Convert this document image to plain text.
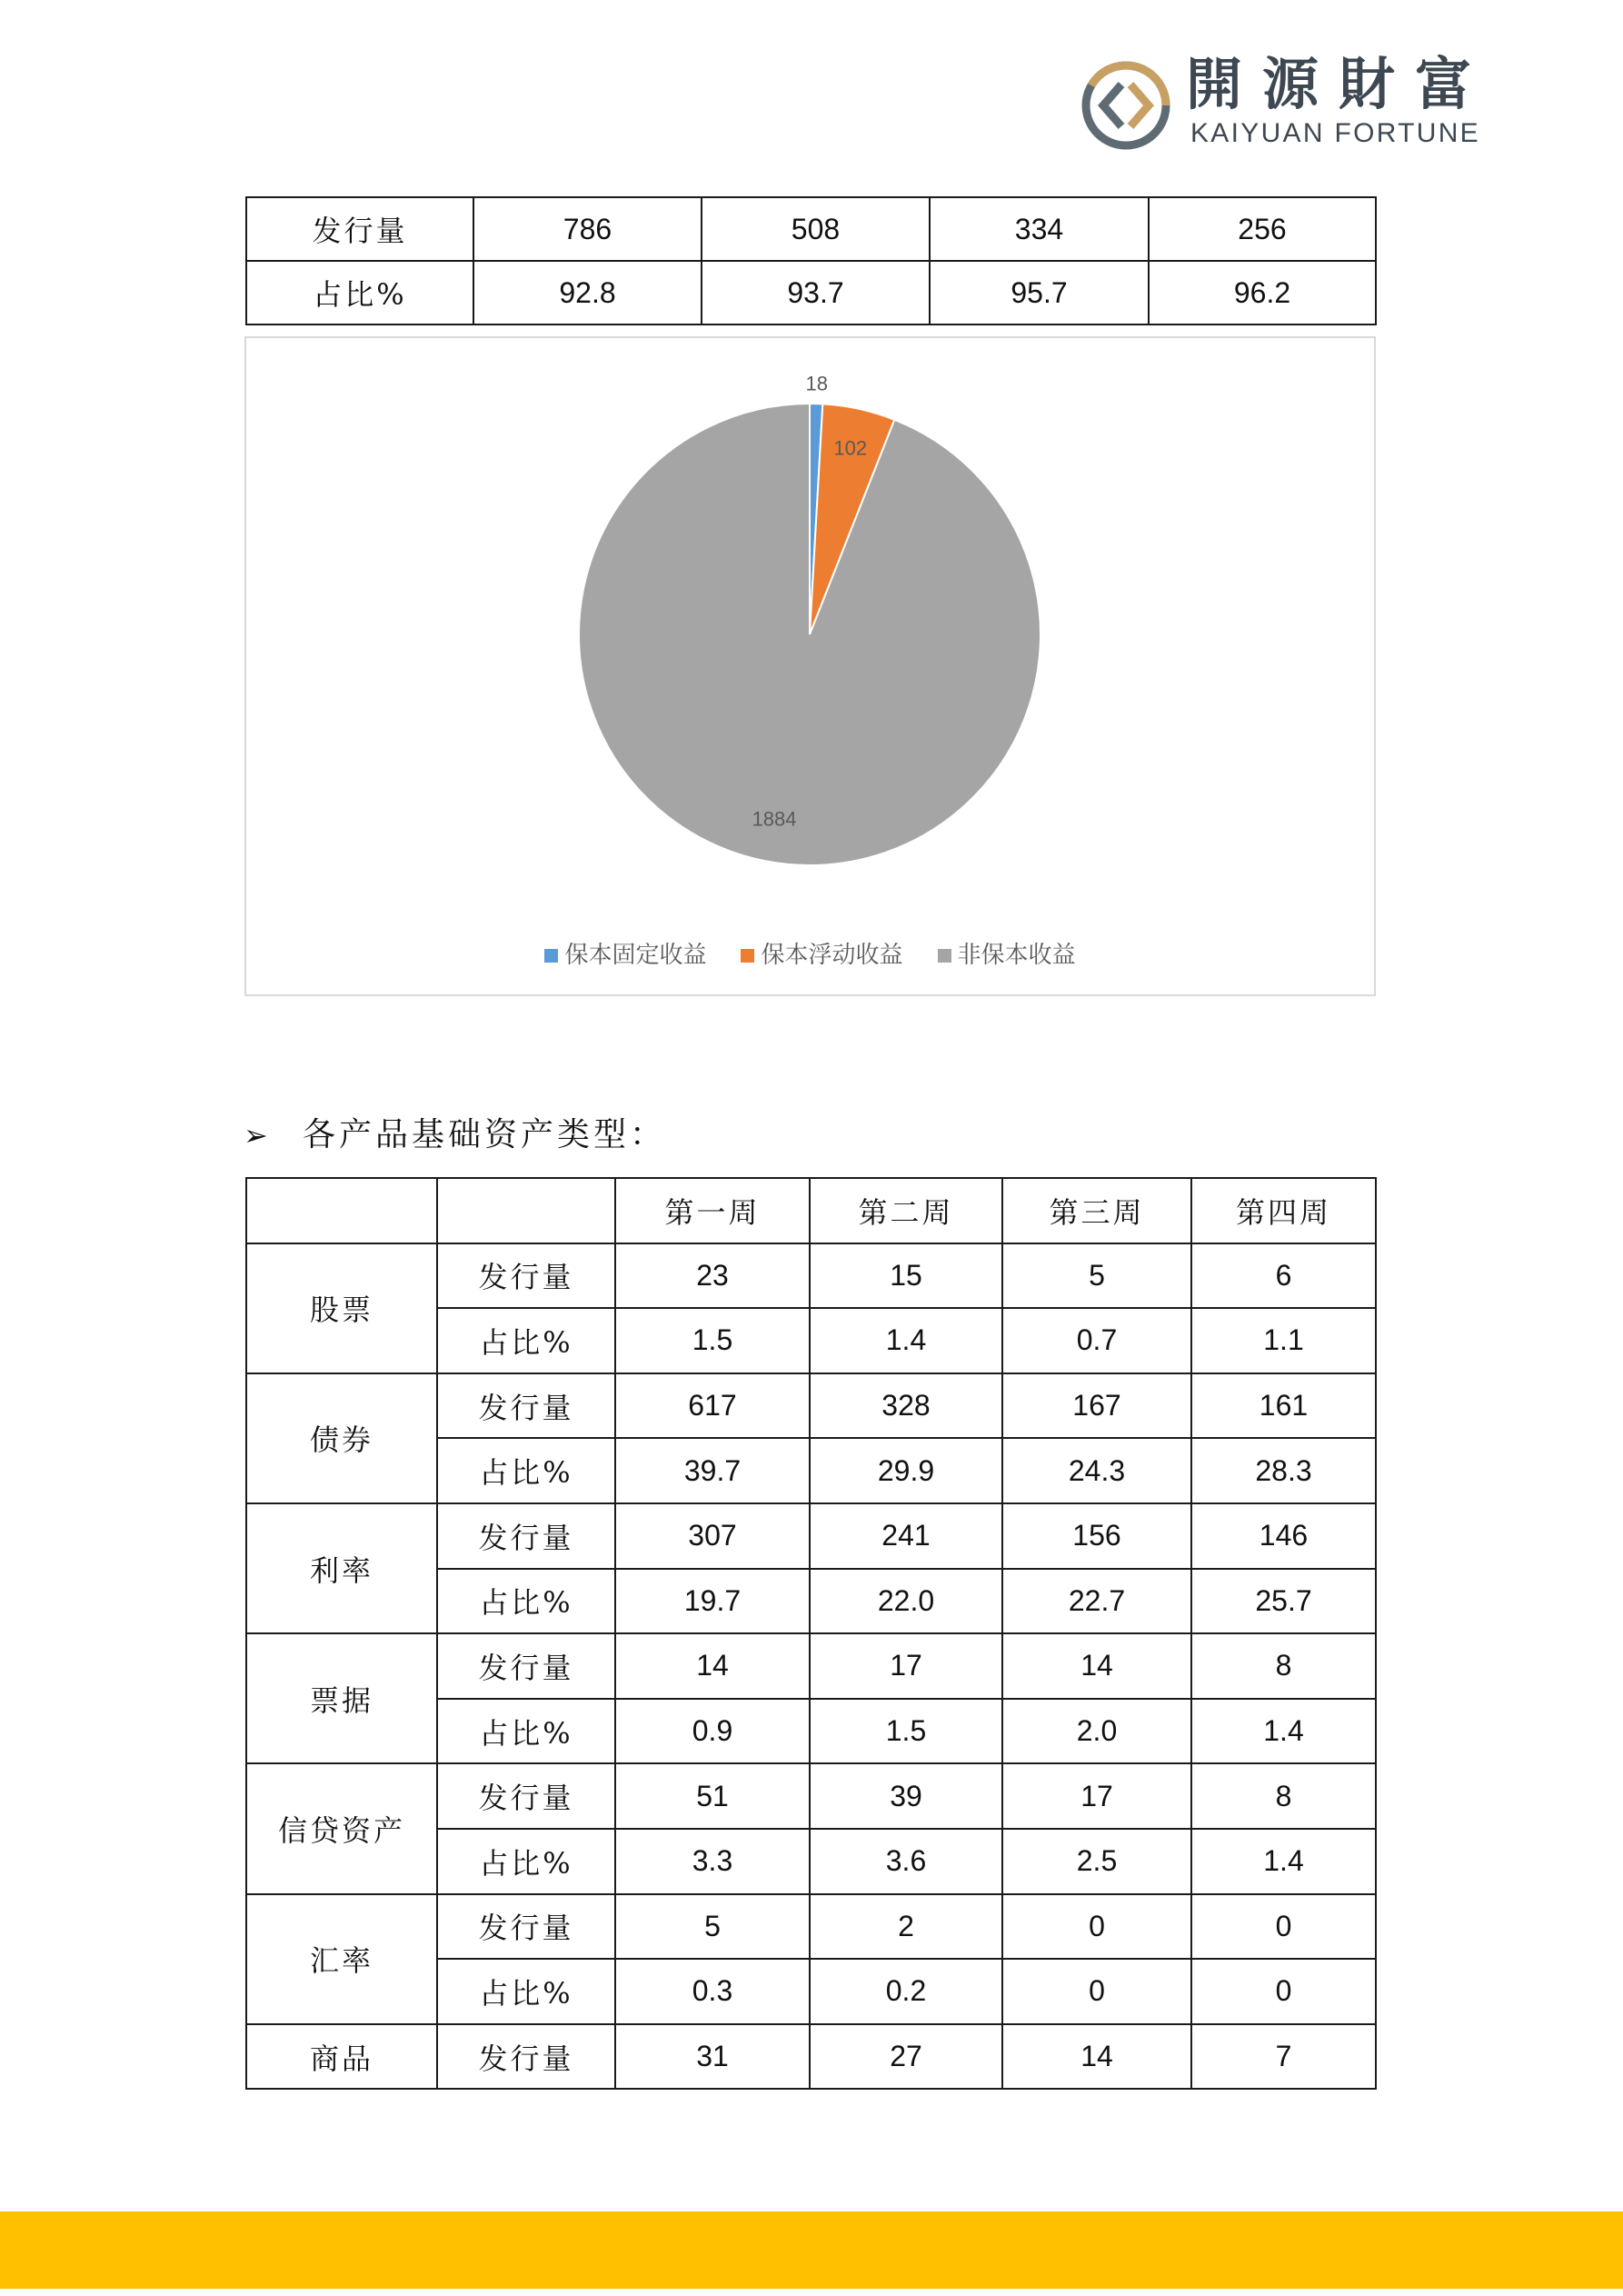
開源財富
KAIYUAN FORTUNE
发行量	786	508	334	256
占比%	92.8	93.7	95.7	96.2
18
102
1884
保本固定收益 保本浮动收益 非保本收益
➢ 各产品基础资产类型：
		第一周	第二周	第三周	第四周
股票	发行量	23	15	5	6
	占比%	1.5	1.4	0.7	1.1
债券	发行量	617	328	167	161
	占比%	39.7	29.9	24.3	28.3
利率	发行量	307	241	156	146
	占比%	19.7	22.0	22.7	25.7
票据	发行量	14	17	14	8
	占比%	0.9	1.5	2.0	1.4
信贷资产	发行量	51	39	17	8
	占比%	3.3	3.6	2.5	1.4
汇率	发行量	5	2	0	0
	占比%	0.3	0.2	0	0
商品	发行量	31	27	14	7
